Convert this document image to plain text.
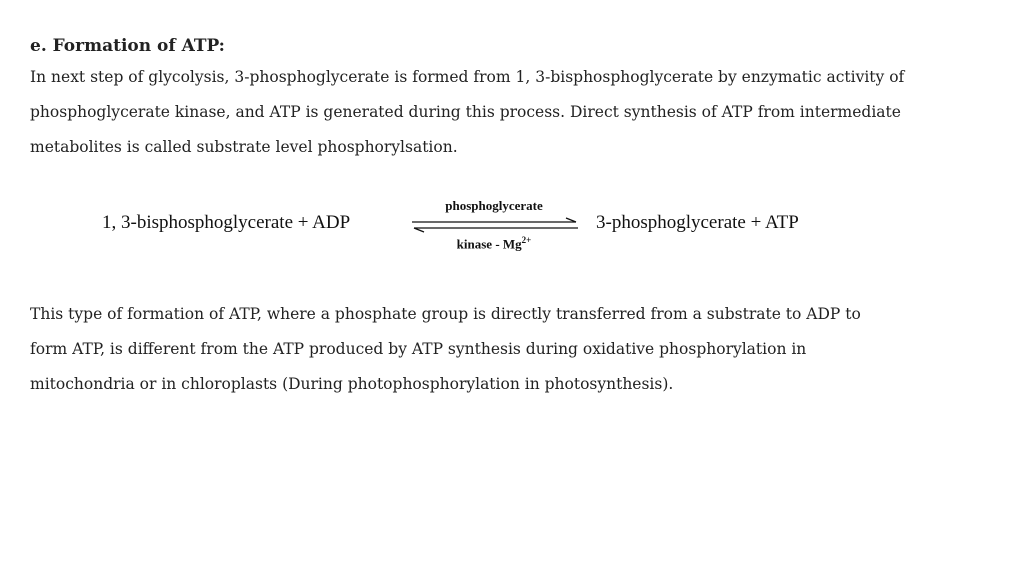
e. Formation of ATP:

In next step of glycolysis, 3-phosphoglycerate is formed from 1, 3-bisphosphoglycerate by enzymatic activity of
phosphoglycerate kinase, and ATP is generated during this process. Direct synthesis of ATP from intermediate
metabolites is called substrate level phosphorylsation.

1, 3-bisphosphoglycerate + ADP
phosphoglycerate
kinase - $Mg^{2+}$
3-phosphoglycerate + ATP

This type of formation of ATP, where a phosphate group is directly transferred from a substrate to ADP to
form ATP, is different from the ATP produced by ATP synthesis during oxidative phosphorylation in
mitochondria or in chloroplasts (During photophosphorylation in photosynthesis).
